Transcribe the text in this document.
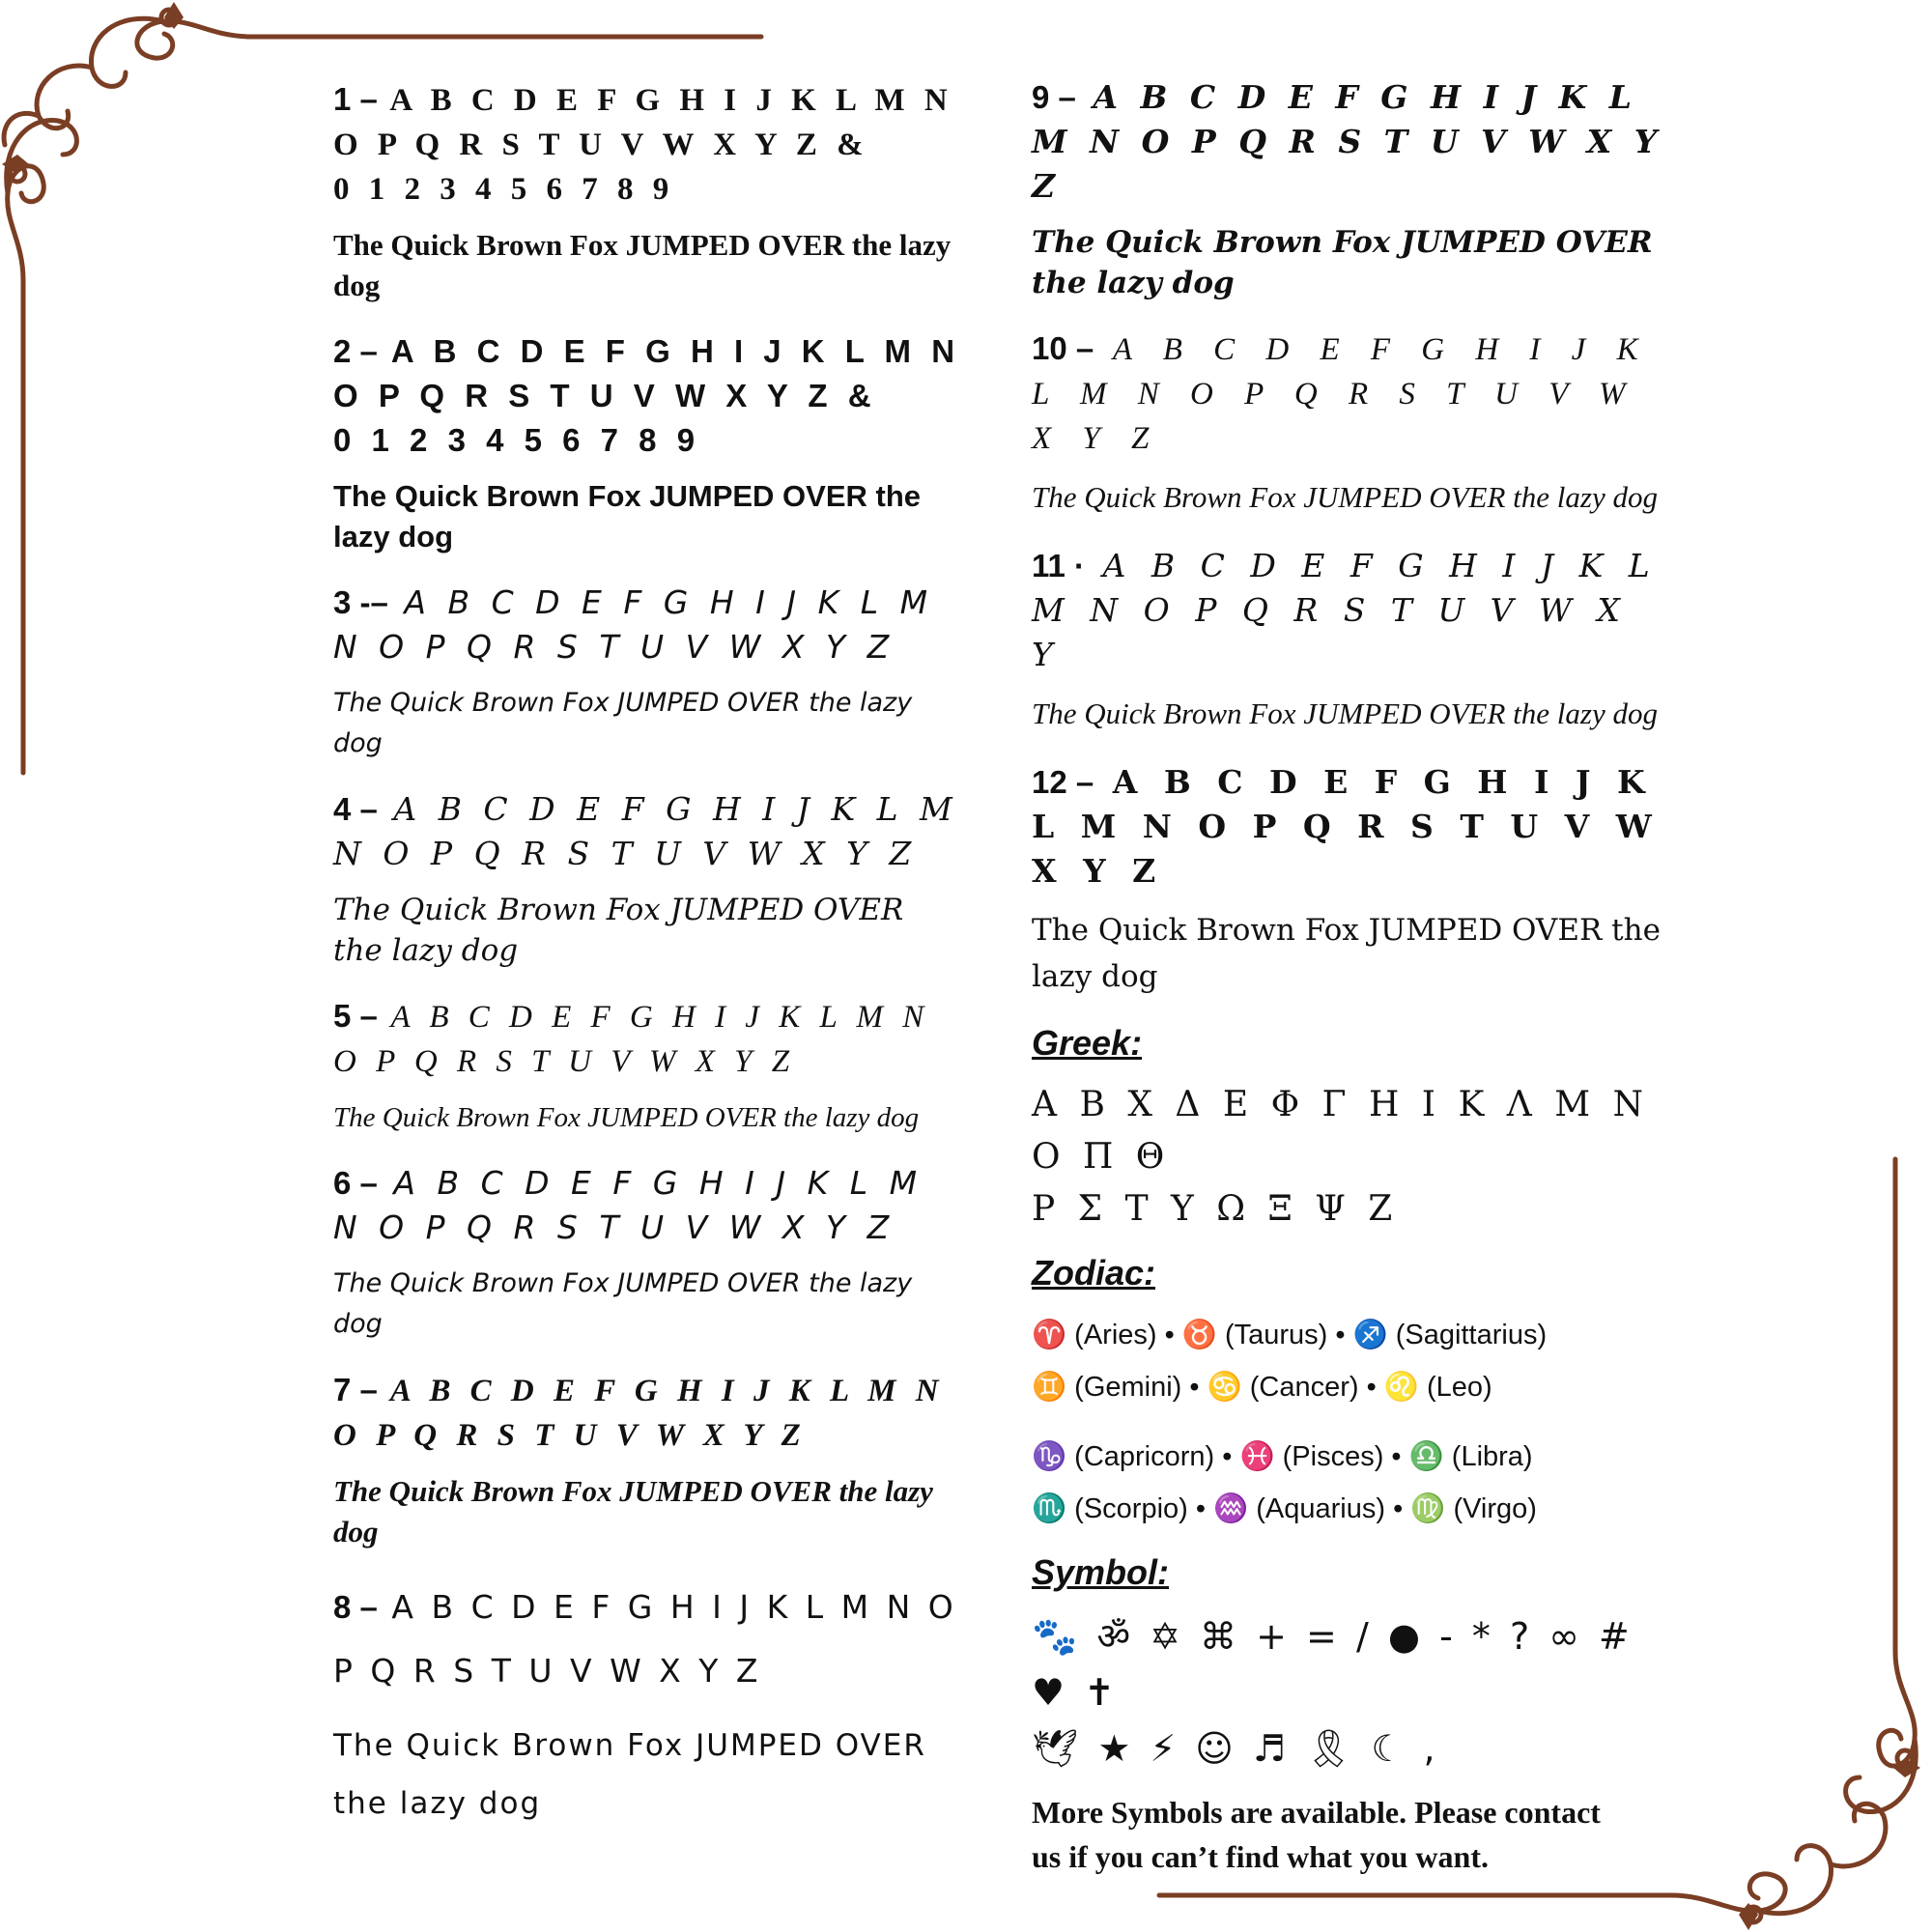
1 – A B C D E F G H I J K L M N O P Q R S T U V W X Y Z &      0 1 2 3 4 5 6 7 8 9
The Quick Brown Fox JUMPED OVER the lazy dog
2 – A B C D E F G H I J K L M N O P Q R S T U V W X Y Z &      0 1 2 3 4 5 6 7 8 9
The Quick Brown Fox JUMPED OVER the lazy dog
3 -– A B C D E F G H I J K L M N O P Q R S T U V W X Y Z
The Quick Brown Fox JUMPED OVER the lazy dog
4 – A B C D E F G H I J K L M N O P Q R S T U V W X Y Z
The Quick Brown Fox JUMPED OVER the lazy dog
5 – A B C D E F G H I J K L M N O P Q R S T U V W X Y Z
The Quick Brown Fox JUMPED OVER the lazy dog
6 – A B C D E F G H I J K L M N O P Q R S T U V W X Y Z
The Quick Brown Fox JUMPED OVER the lazy dog
7 – A B C D E F G H I J K L M N O P Q R S T U V W X Y Z
The Quick Brown Fox JUMPED OVER the lazy dog
8 – A B C D E F G H I J K L M N O P Q R S T U V W X Y Z
The Quick Brown Fox JUMPED OVER the lazy dog
9 – A B C D E F G H I J K L M N O P Q R S T U V W X Y Z
The Quick Brown Fox JUMPED OVER the lazy dog
10 – A B C D E F G H I J K L M N O P Q R S T U V W X Y Z
The Quick Brown Fox JUMPED OVER the lazy dog
11 · A B C D E F G H I J K L M N O P Q R S T U V W X Y
The Quick Brown Fox JUMPED OVER the lazy dog
12 – A B C D E F G H I J K L M N O P Q R S T U V W X Y Z
The Quick Brown Fox JUMPED OVER the lazy dog
Greek:
Α Β Χ Δ Ε Φ Γ Η Ι Κ Λ Μ Ν Ο Π Θ
Ρ Σ Τ Υ Ω Ξ Ψ Ζ
Zodiac:
♈ (Aries) • ♉ (Taurus) • ♐ (Sagittarius)
♊ (Gemini) • ♋ (Cancer) • ♌ (Leo)
♑ (Capricorn) • ♓ (Pisces) • ♎ (Libra)
♏ (Scorpio) • ♒ (Aquarius) • ♍ (Virgo)
Symbol:
🐾 ॐ ✡ ⌘ + = / ● - * ? ∞ # ♥ ✝
🕊 ★ ⚡ ☺ ♬ 🎗 ☾ ,
More Symbols are available. Please contact us if you can’t find what you want.
